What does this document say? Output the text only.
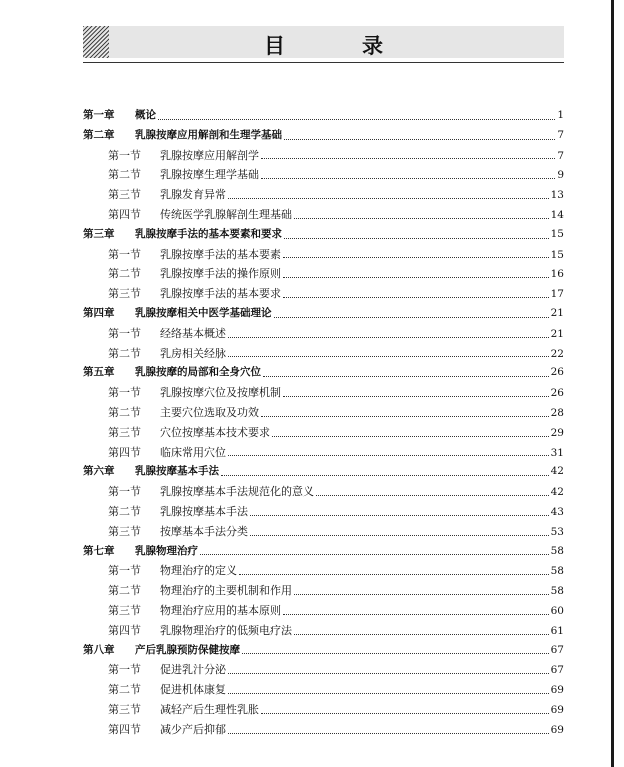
目　录
第一章	概论	1
第二章	乳腺按摩应用解剖和生理学基础	7
第一节	乳腺按摩应用解剖学	7
第二节	乳腺按摩生理学基础	9
第三节	乳腺发育异常	13
第四节	传统医学乳腺解剖生理基础	14
第三章	乳腺按摩手法的基本要素和要求	15
第一节	乳腺按摩手法的基本要素	15
第二节	乳腺按摩手法的操作原则	16
第三节	乳腺按摩手法的基本要求	17
第四章	乳腺按摩相关中医学基础理论	21
第一节	经络基本概述	21
第二节	乳房相关经脉	22
第五章	乳腺按摩的局部和全身穴位	26
第一节	乳腺按摩穴位及按摩机制	26
第二节	主要穴位选取及功效	28
第三节	穴位按摩基本技术要求	29
第四节	临床常用穴位	31
第六章	乳腺按摩基本手法	42
第一节	乳腺按摩基本手法规范化的意义	42
第二节	乳腺按摩基本手法	43
第三节	按摩基本手法分类	53
第七章	乳腺物理治疗	58
第一节	物理治疗的定义	58
第二节	物理治疗的主要机制和作用	58
第三节	物理治疗应用的基本原则	60
第四节	乳腺物理治疗的低频电疗法	61
第八章	产后乳腺预防保健按摩	67
第一节	促进乳汁分泌	67
第二节	促进机体康复	69
第三节	减轻产后生理性乳胀	69
第四节	减少产后抑郁	69
